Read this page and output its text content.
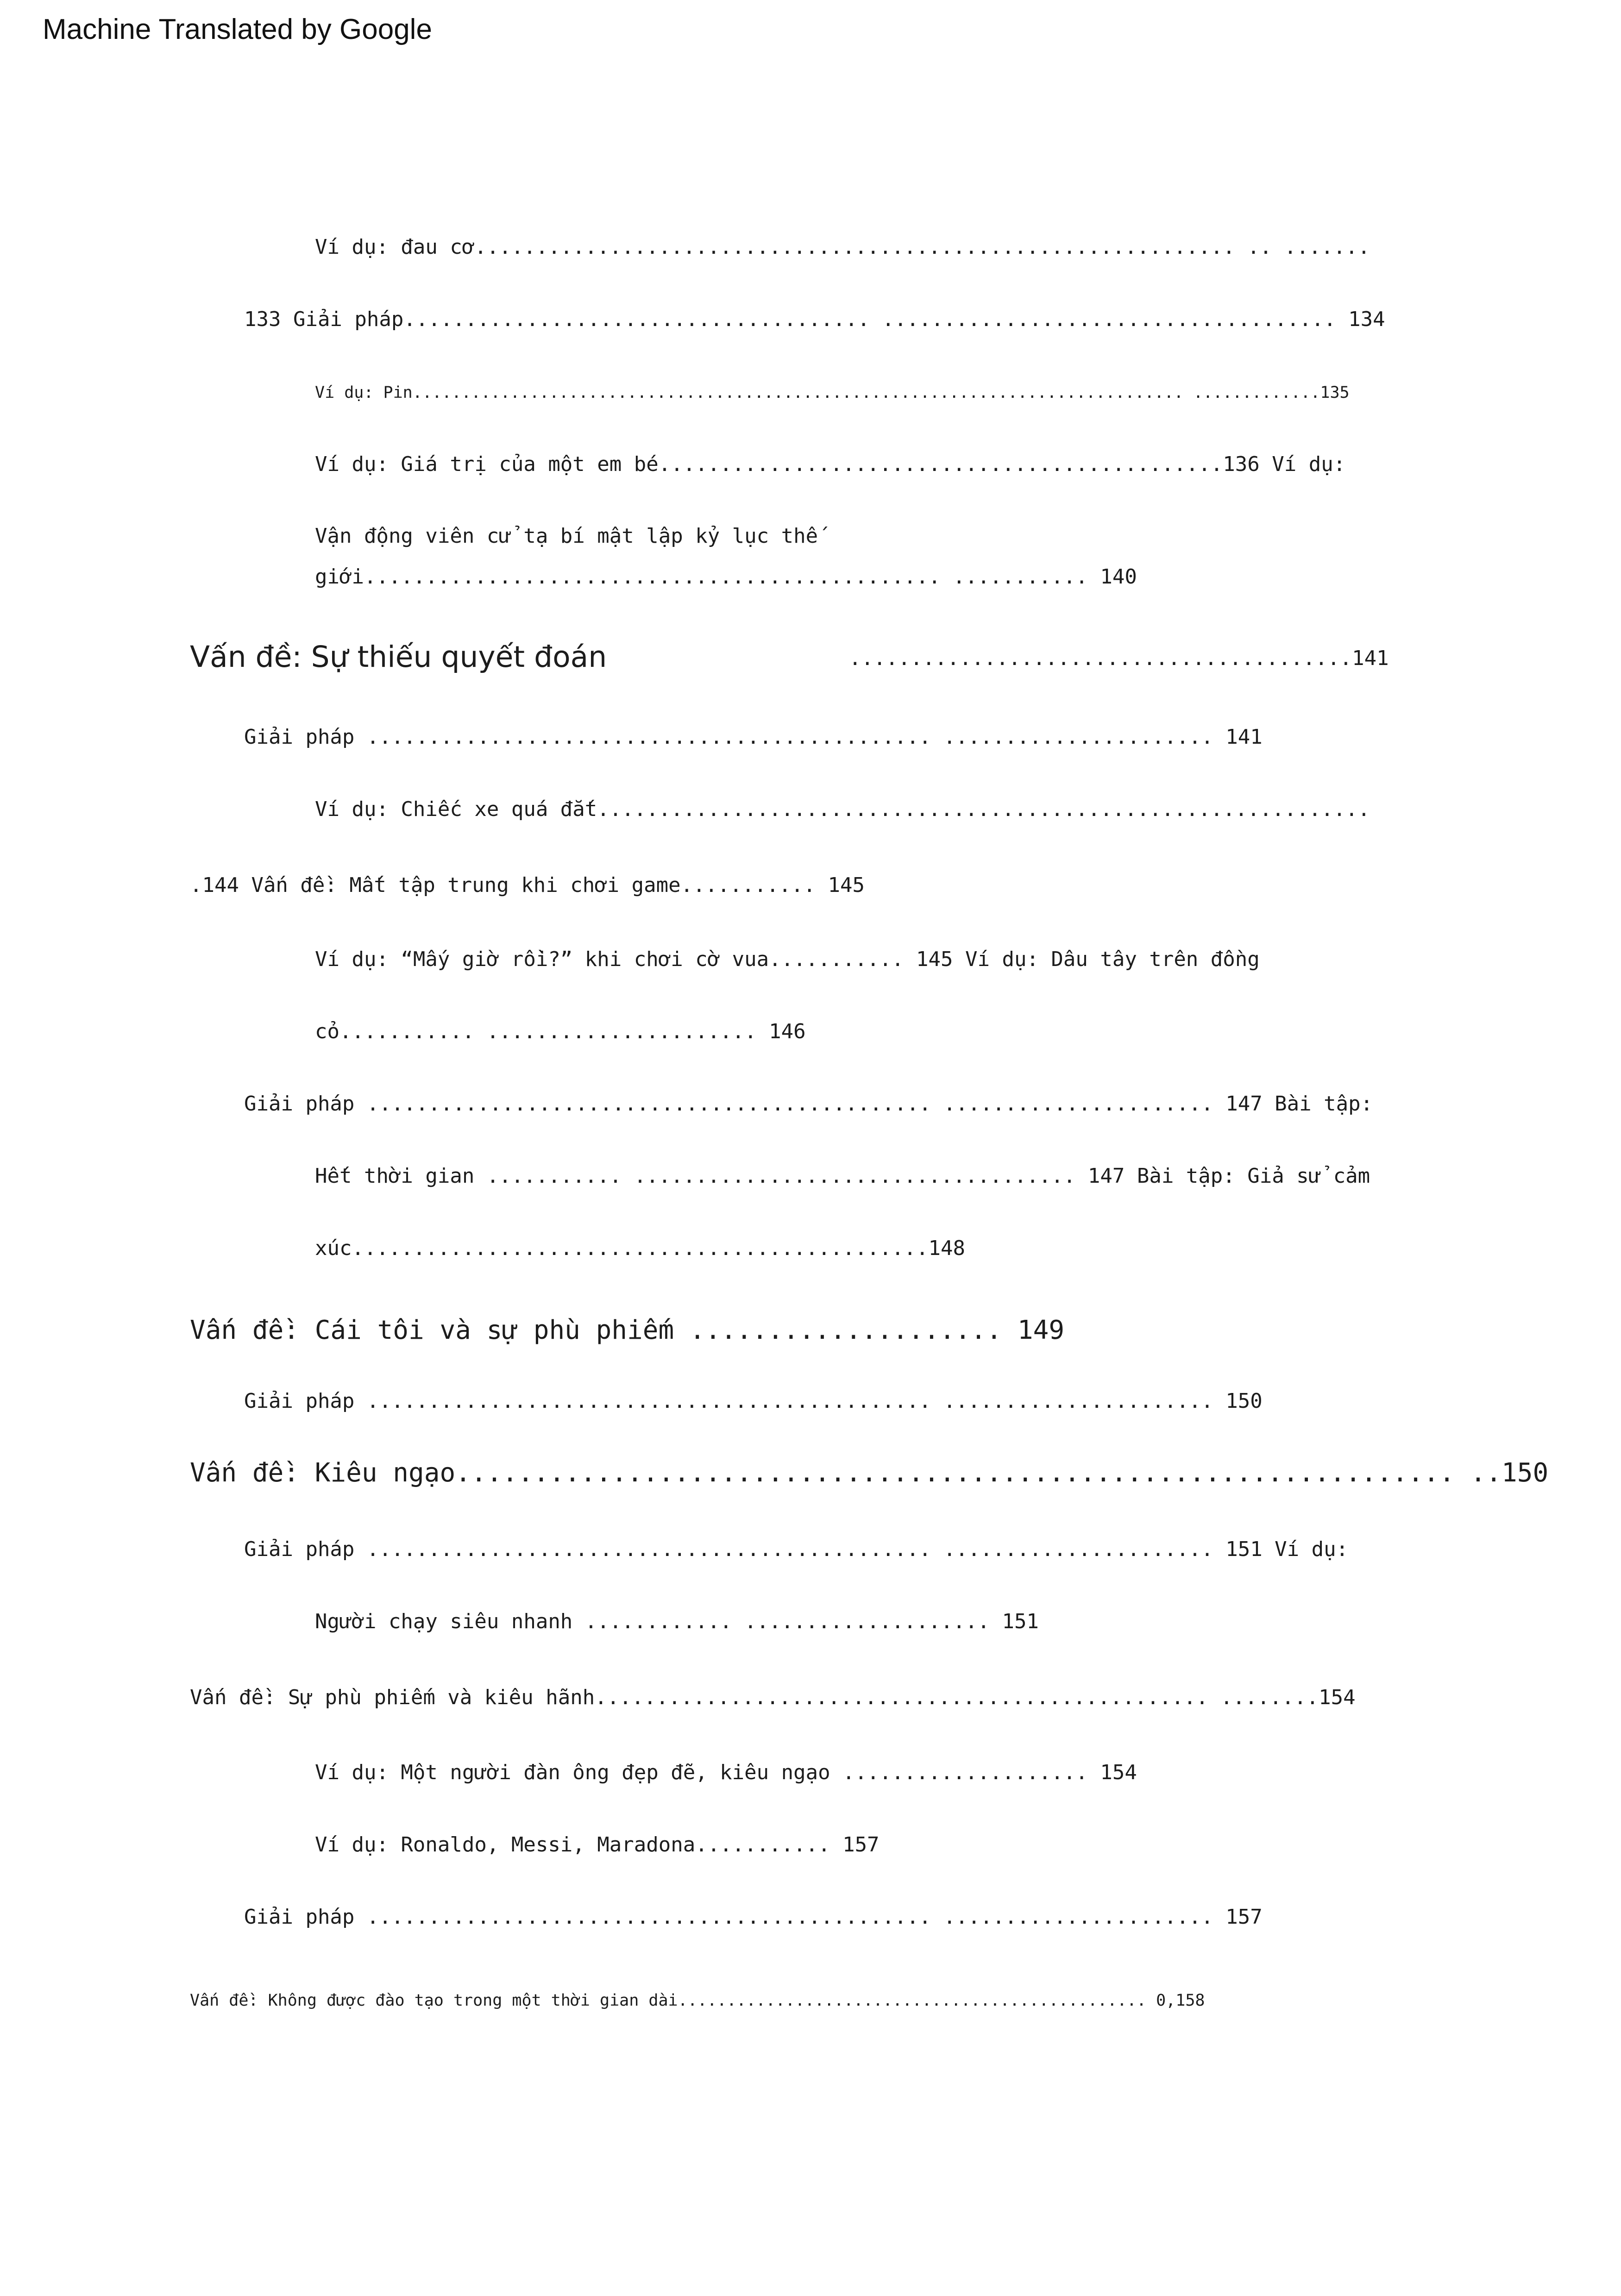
Machine Translated by Google

Ví dụ: đau cơ.............................................................. .. .......

133 Giải pháp...................................... ..................................... 134

Ví dụ: Pin............................................................................... .............135

Ví dụ: Giá trị của một em bé..............................................136 Ví dụ:

Vận động viên cử tạ bí mật lập kỷ lục thế

giới............................................... ........... 140

Vấn đề: Sự thiếu quyết đoán	.........................................141

Giải pháp .............................................. ...................... 141

Ví dụ: Chiếc xe quá đắt...............................................................

.144 Vấn đề: Mất tập trung khi chơi game........... 145

Ví dụ: “Mấy giờ rồi?” khi chơi cờ vua........... 145 Ví dụ: Dâu tây trên đồng

cỏ........... ...................... 146

Giải pháp .............................................. ...................... 147 Bài tập:

Hết thời gian ........... .................................... 147 Bài tập: Giả sử cảm

xúc...............................................148

Vấn đề: Cái tôi và sự phù phiếm .................... 149

Giải pháp .............................................. ...................... 150

Vấn đề: Kiêu ngạo................................................................ ..150

Giải pháp .............................................. ...................... 151 Ví dụ:

Người chạy siêu nhanh ............ .................... 151

Vấn đề: Sự phù phiếm và kiêu hãnh.................................................. ........154

Ví dụ: Một người đàn ông đẹp đẽ, kiêu ngạo .................... 154

Ví dụ: Ronaldo, Messi, Maradona........... 157

Giải pháp .............................................. ...................... 157

Vấn đề: Không được đào tạo trong một thời gian dài................................................ 0,158
